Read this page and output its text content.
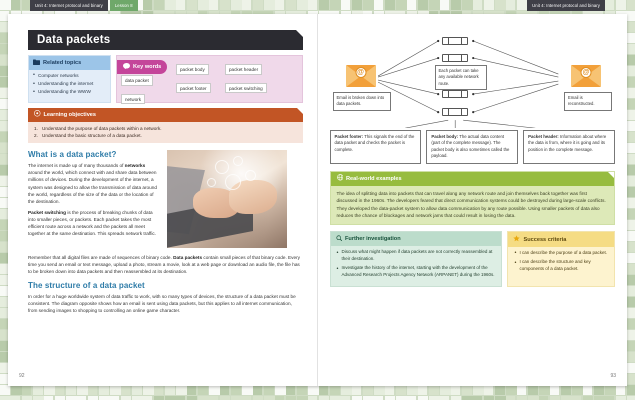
Unit 4: Internet protocol and binary	Lesson 8	Unit 4: Internet protocol and binary
Data packets
Related topics
• Computer networks
• Understanding the internet
• Understanding the WWW
Key words
data packet
network
packet body
packet footer
packet header
packet switching
Learning objectives
1. Understand the purpose of data packets within a network.
2. Understand the basic structure of a data packet.
What is a data packet?

The internet is made up of many thousands of networks around the world, which connect with and share data between millions of devices. During the development of the internet, a system was designed to allow the transmission of data around the world, regardless of the size of the data or the location of the destination.

Packet switching is the process of breaking chunks of data into smaller pieces, or packets. Each packet takes the most efficient route across a network and the packets all meet together at the same destination. This spreads network traffic.

Remember that all digital files are made of sequences of binary code. Data packets contain small pieces of that binary code. Every time you send an email or text message, upload a photo, stream a movie, look at a web page or download an audio file, the file has to be broken down into data packets and then reassembled at its destination.

The structure of a data packet

In order for a huge worldwide system of data traffic to work, with so many types of devices, the structure of a data packet must be consistent. The diagram opposite shows how an email is sent using data packets, but this applies to all internet communication, from sending images to shopping to controlling an online game character.

92
@	@
Email is broken down into data packets.
Each packet can take any available network route.
Email is reconstructed.
Packet footer: This signals the end of the data packet and checks the packet is complete.
Packet body: The actual data content (part of the complete message). The packet body is also sometimes called the payload.
Packet header: Information about where the data is from, where it is going and its position in the complete message.
Real-world examples

The idea of splitting data into packets that can travel along any network route and join themselves back together was first discussed in the 1960s. The developers feared that direct communication systems could be destroyed during large-scale conflicts. They developed the data-packet system to allow data communication by any route possible. Using smaller packets of data also reduces the chance of blockages and network jams that could result in losing the data.

Further investigation
• Discuss what might happen if data packets are not correctly reassembled at their destination.
• Investigate the history of the internet, starting with the development of the Advanced Research Projects Agency Network (ARPANET) during the 1960s.
Success criteria
• I can describe the purpose of a data packet.
• I can describe the structure and key components of a data packet.
93
